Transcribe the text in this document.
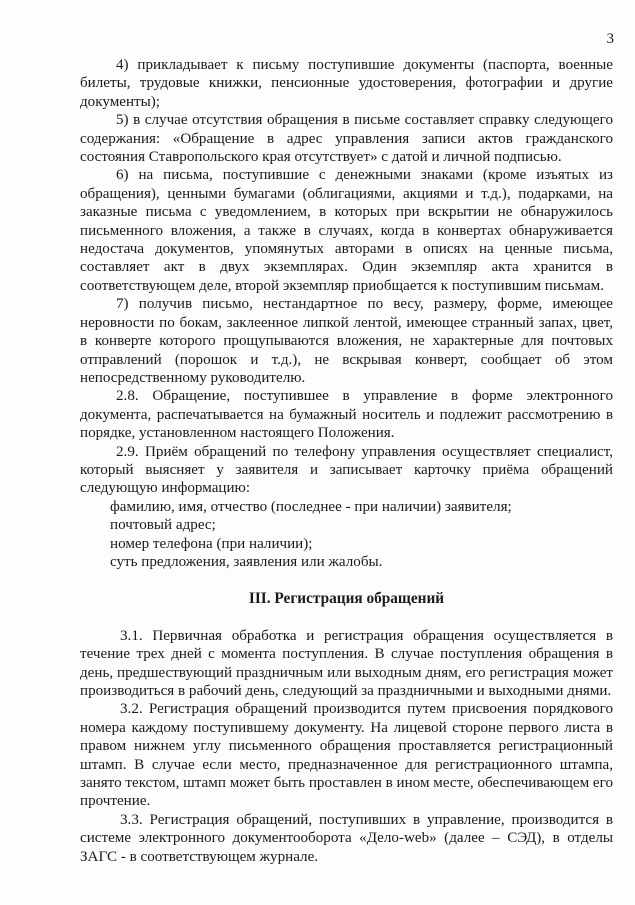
3

4) прикладывает к письму поступившие документы (паспорта, военные билеты, трудовые книжки, пенсионные удостоверения, фотографии и другие документы);

5) в случае отсутствия обращения в письме составляет справку следующего содержания: «Обращение в адрес управления записи актов гражданского состояния Ставропольского края отсутствует» с датой и личной подписью.

6) на письма, поступившие с денежными знаками (кроме изъятых из обращения), ценными бумагами (облигациями, акциями и т.д.), подарками, на заказные письма с уведомлением, в которых при вскрытии не обнаружилось письменного вложения, а также в случаях, когда в конвертах обнаруживается недостача документов, упомянутых авторами в описях на ценные письма, составляет акт в двух экземплярах. Один экземпляр акта хранится в соответствующем деле, второй экземпляр приобщается к поступившим письмам.

7) получив письмо, нестандартное по весу, размеру, форме, имеющее неровности по бокам, заклеенное липкой лентой, имеющее странный запах, цвет, в конверте которого прощупываются вложения, не характерные для почтовых отправлений (порошок и т.д.), не вскрывая конверт, сообщает об этом непосредственному руководителю.

2.8. Обращение, поступившее в управление в форме электронного документа, распечатывается на бумажный носитель и подлежит рассмотрению в порядке, установленном настоящего Положения.

2.9. Приём обращений по телефону управления осуществляет специалист, который выясняет у заявителя и записывает карточку приёма обращений следующую информацию:

фамилию, имя, отчество (последнее - при наличии) заявителя;

почтовый адрес;

номер телефона (при наличии);

суть предложения, заявления или жалобы.

III. Регистрация обращений

3.1. Первичная обработка и регистрация обращения осуществляется в течение трех дней с момента поступления. В случае поступления обращения в день, предшествующий праздничным или выходным дням, его регистрация может производиться в рабочий день, следующий за праздничными и выходными днями.

3.2. Регистрация обращений производится путем присвоения порядкового номера каждому поступившему документу. На лицевой стороне первого листа в правом нижнем углу письменного обращения проставляется регистрационный штамп. В случае если место, предназначенное для регистрационного штампа, занято текстом, штамп может быть проставлен в ином месте, обеспечивающем его прочтение.

3.3. Регистрация обращений, поступивших в управление, производится в системе электронного документооборота «Дело-web» (далее – СЭД), в отделы ЗАГС - в соответствующем журнале.
